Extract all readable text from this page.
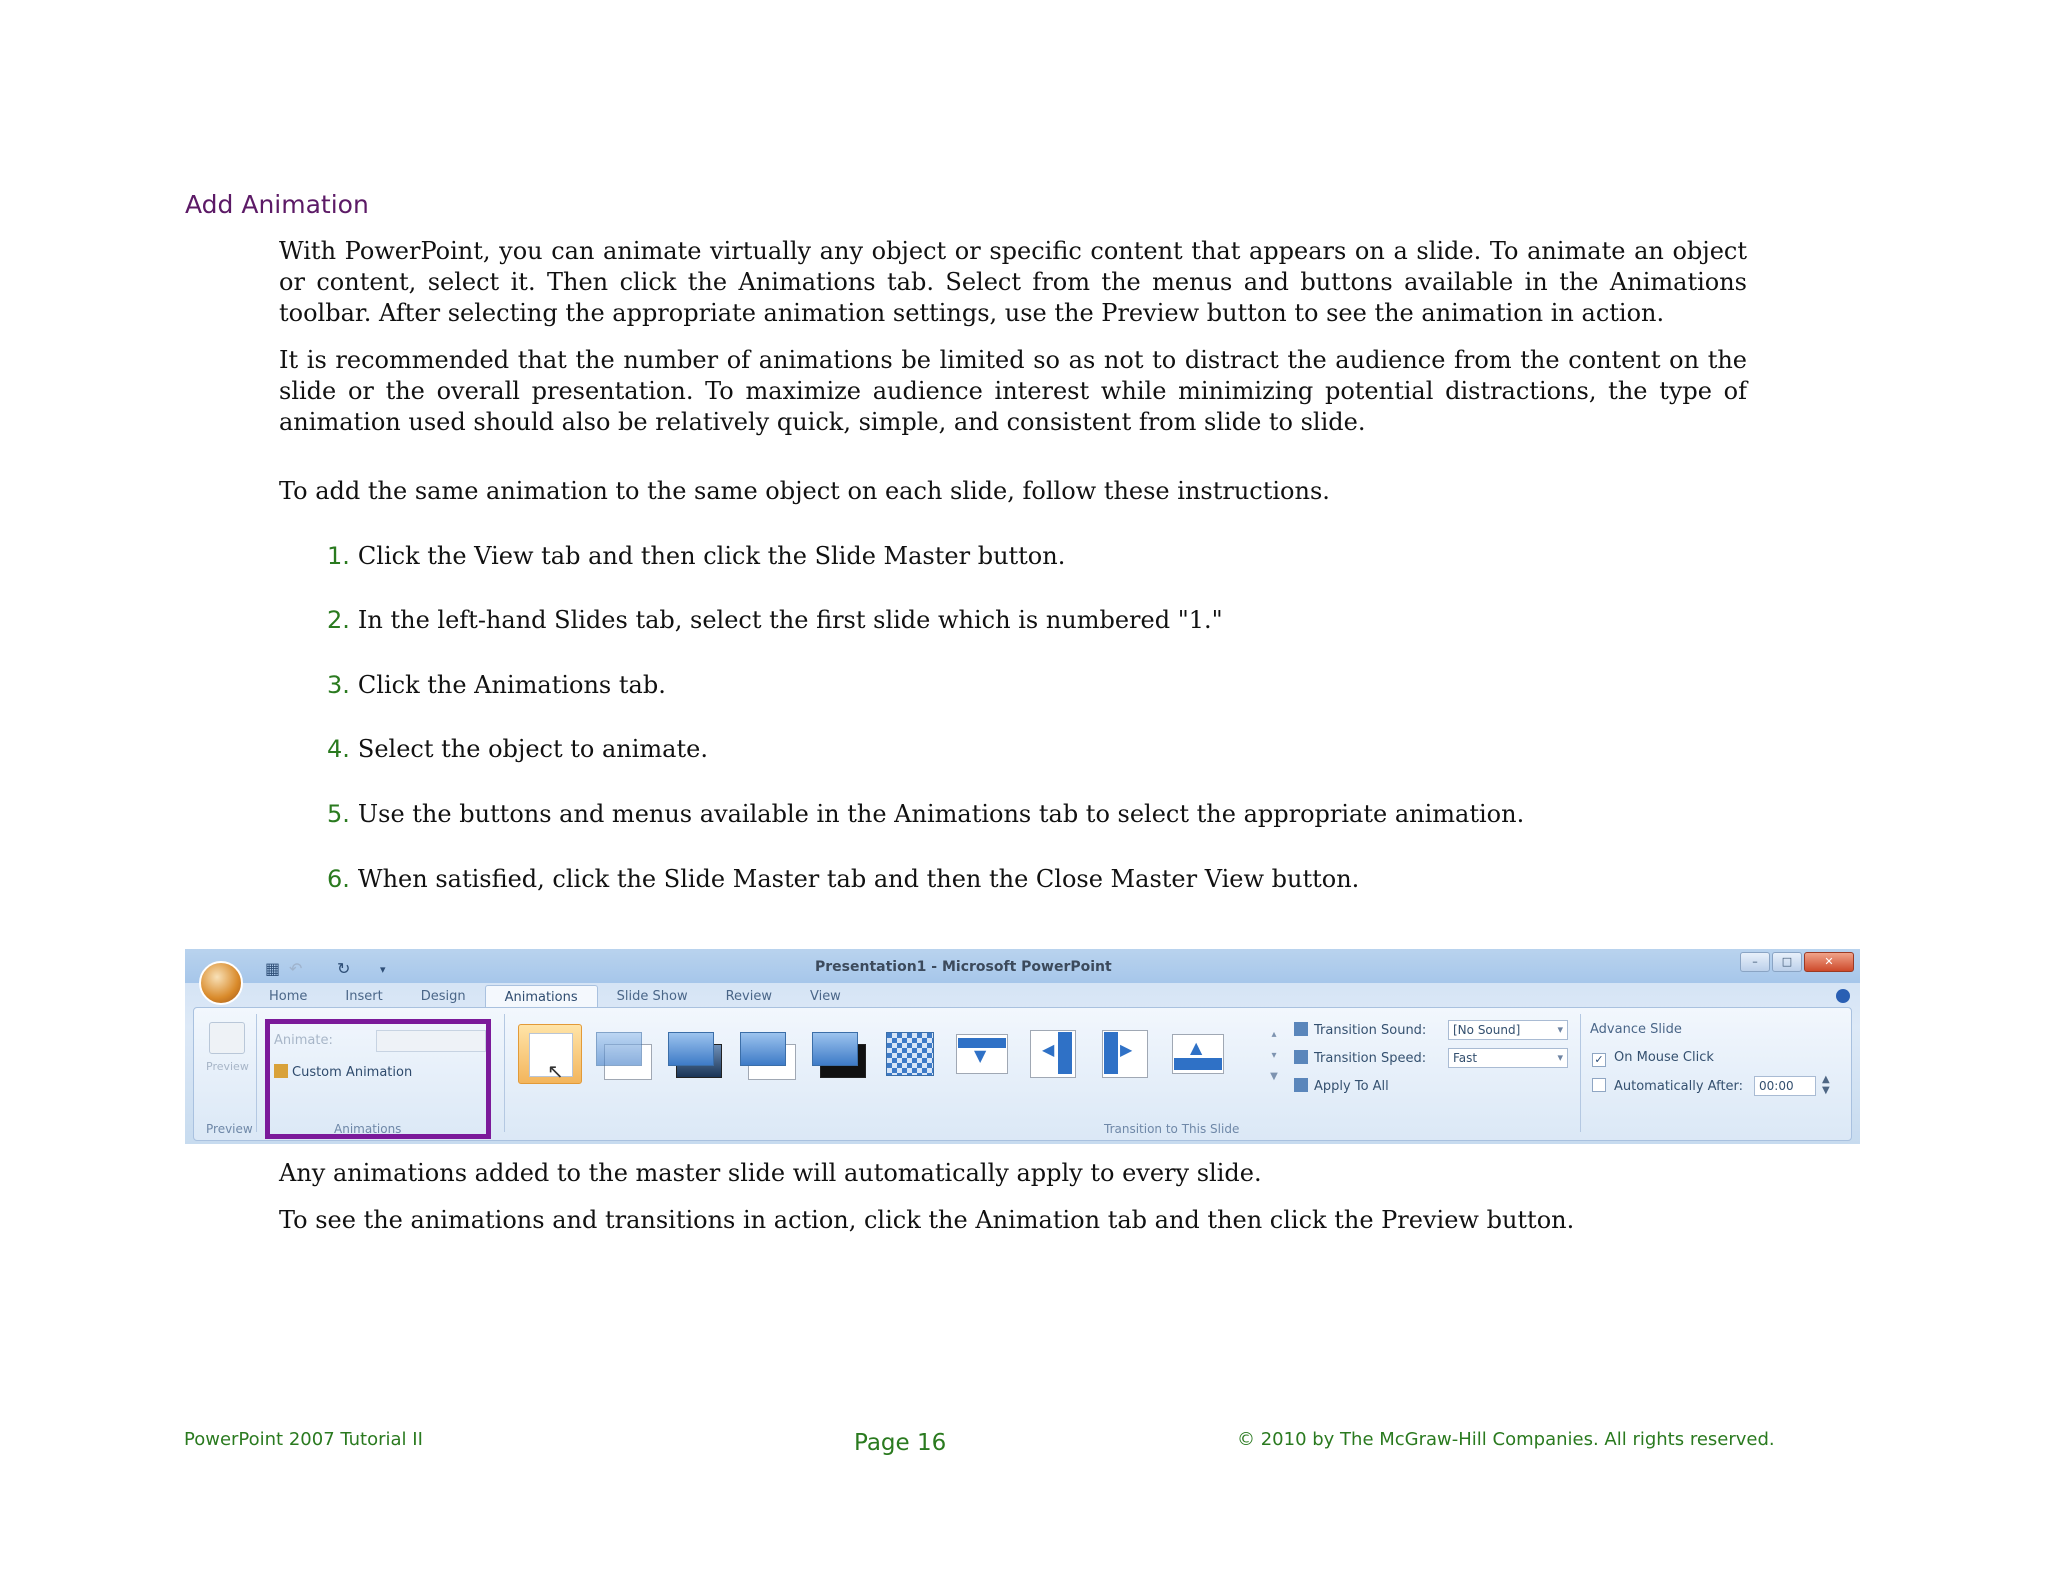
Add Animation

With PowerPoint, you can animate virtually any object or specific content that appears on a slide. To animate an object or content, select it. Then click the Animations tab. Select from the menus and buttons available in the Animations toolbar. After selecting the appropriate animation settings, use the Preview button to see the animation in action.

It is recommended that the number of animations be limited so as not to distract the audience from the content on the slide or the overall presentation. To maximize audience interest while minimizing potential distractions, the type of animation used should also be relatively quick, simple, and consistent from slide to slide.

To add the same animation to the same object on each slide, follow these instructions.
1. Click the View tab and then click the Slide Master button.
2. In the left-hand Slides tab, select the first slide which is numbered "1."
3. Click the Animations tab.
4. Select the object to animate.
5. Use the buttons and menus available in the Animations tab to select the appropriate animation.
6. When satisfied, click the Slide Master tab and then the Close Master View button.
▦ ↶ ↻	▾	Presentation1 - Microsoft PowerPoint	–	□	✕
Home	Insert	Design	Animations	Slide Show	Review	View
Preview
Preview
Animate:
Custom Animation
Animations
↖
▼	◀	▶	▲
▴
▾
▼
Transition Sound:	[No Sound] ▾
Transition Speed:	Fast ▾
Apply To All
Transition to This Slide
Advance Slide
✓ On Mouse Click
Automatically After:	00:00	▲
▼
Any animations added to the master slide will automatically apply to every slide.
To see the animations and transitions in action, click the Animation tab and then click the Preview button.
PowerPoint 2007 Tutorial II	Page 16	© 2010 by The McGraw-Hill Companies. All rights reserved.
